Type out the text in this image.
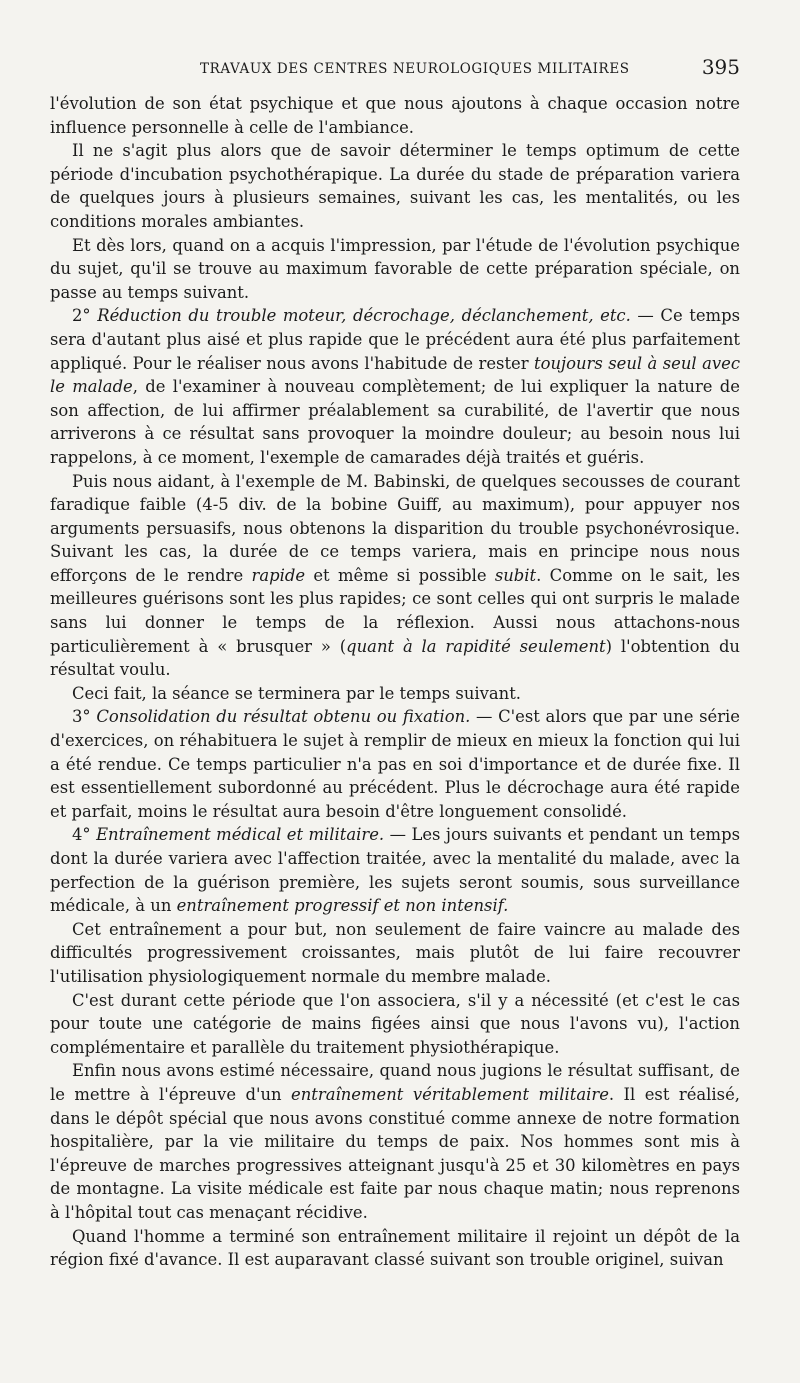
TRAVAUX DES CENTRES NEUROLOGIQUES MILITAIRES	395

l'évolution de son état psychique et que nous ajoutons à chaque occasion notre influence personnelle à celle de l'ambiance.

Il ne s'agit plus alors que de savoir déterminer le temps optimum de cette période d'incubation psychothérapique. La durée du stade de préparation variera de quelques jours à plusieurs semaines, suivant les cas, les mentalités, ou les conditions morales ambiantes.

Et dès lors, quand on a acquis l'impression, par l'étude de l'évolution psychique du sujet, qu'il se trouve au maximum favorable de cette préparation spéciale, on passe au temps suivant.

2° Réduction du trouble moteur, décrochage, déclanchement, etc. — Ce temps sera d'autant plus aisé et plus rapide que le précédent aura été plus parfaitement appliqué. Pour le réaliser nous avons l'habitude de rester toujours seul à seul avec le malade, de l'examiner à nouveau complètement; de lui expliquer la nature de son affection, de lui affirmer préalablement sa curabilité, de l'avertir que nous arriverons à ce résultat sans provoquer la moindre douleur; au besoin nous lui rappelons, à ce moment, l'exemple de camarades déjà traités et guéris.

Puis nous aidant, à l'exemple de M. Babinski, de quelques secousses de courant faradique faible (4-5 div. de la bobine Guiff, au maximum), pour appuyer nos arguments persuasifs, nous obtenons la disparition du trouble psychonévrosique. Suivant les cas, la durée de ce temps variera, mais en principe nous nous efforçons de le rendre rapide et même si possible subit. Comme on le sait, les meilleures guérisons sont les plus rapides; ce sont celles qui ont surpris le malade sans lui donner le temps de la réflexion. Aussi nous attachons-nous particulièrement à « brusquer » (quant à la rapidité seulement) l'obtention du résultat voulu.

Ceci fait, la séance se terminera par le temps suivant.

3° Consolidation du résultat obtenu ou fixation. — C'est alors que par une série d'exercices, on réhabituera le sujet à remplir de mieux en mieux la fonction qui lui a été rendue. Ce temps particulier n'a pas en soi d'importance et de durée fixe. Il est essentiellement subordonné au précédent. Plus le décrochage aura été rapide et parfait, moins le résultat aura besoin d'être longuement consolidé.

4° Entraînement médical et militaire. — Les jours suivants et pendant un temps dont la durée variera avec l'affection traitée, avec la mentalité du malade, avec la perfection de la guérison première, les sujets seront soumis, sous surveillance médicale, à un entraînement progressif et non intensif.

Cet entraînement a pour but, non seulement de faire vaincre au malade des difficultés progressivement croissantes, mais plutôt de lui faire recouvrer l'utilisation physiologiquement normale du membre malade.

C'est durant cette période que l'on associera, s'il y a nécessité (et c'est le cas pour toute une catégorie de mains figées ainsi que nous l'avons vu), l'action complémentaire et parallèle du traitement physiothérapique.

Enfin nous avons estimé nécessaire, quand nous jugions le résultat suffisant, de le mettre à l'épreuve d'un entraînement véritablement militaire. Il est réalisé, dans le dépôt spécial que nous avons constitué comme annexe de notre formation hospitalière, par la vie militaire du temps de paix. Nos hommes sont mis à l'épreuve de marches progressives atteignant jusqu'à 25 et 30 kilomètres en pays de montagne. La visite médicale est faite par nous chaque matin; nous reprenons à l'hôpital tout cas menaçant récidive.

Quand l'homme a terminé son entraînement militaire il rejoint un dépôt de la région fixé d'avance. Il est auparavant classé suivant son trouble originel, suivan
